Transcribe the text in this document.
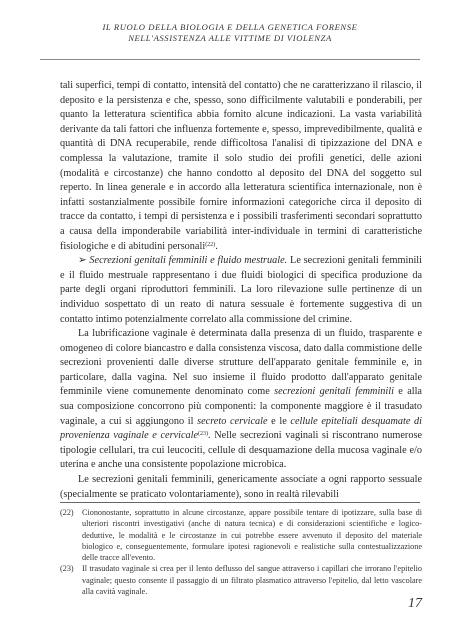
IL RUOLO DELLA BIOLOGIA E DELLA GENETICA FORENSE
NELL'ASSISTENZA ALLE VITTIME DI VIOLENZA

tali superfici, tempi di contatto, intensità del contatto) che ne caratterizzano il rilascio, il deposito e la persistenza e che, spesso, sono difficilmente valutabili e ponderabili, per quanto la letteratura scientifica abbia fornito alcune indicazioni. La vasta variabilità derivante da tali fattori che influenza fortemente e, spesso, imprevedibilmente, qualità e quantità di DNA recuperabile, rende difficoltosa l'analisi di tipizzazione del DNA e complessa la valutazione, tramite il solo studio dei profili genetici, delle azioni (modalità e circostanze) che hanno condotto al deposito del DNA del soggetto sul reperto. In linea generale e in accordo alla letteratura scientifica internazionale, non è infatti sostanzialmente possibile fornire informazioni categoriche circa il deposito di tracce da contatto, i tempi di persistenza e i possibili trasferimenti secondari soprattutto a causa della imponderabile variabilità inter-individuale in termini di caratteristiche fisiologiche e di abitudini personali$^{(22)}$.

➢ Secrezioni genitali femminili e fluido mestruale. Le secrezioni genitali femminili e il fluido mestruale rappresentano i due fluidi biologici di specifica produzione da parte degli organi riproduttori femminili. La loro rilevazione sulle pertinenze di un individuo sospettato di un reato di natura sessuale è fortemente suggestiva di un contatto intimo potenzialmente correlato alla commissione del crimine.

La lubrificazione vaginale è determinata dalla presenza di un fluido, trasparente e omogeneo di colore biancastro e dalla consistenza viscosa, dato dalla commistione delle secrezioni provenienti dalle diverse strutture dell'apparato genitale femminile e, in particolare, dalla vagina. Nel suo insieme il fluido prodotto dall'apparato genitale femminile viene comunemente denominato come secrezioni genitali femminili e alla sua composizione concorrono più componenti: la componente maggiore è il trasudato vaginale, a cui si aggiungono il secreto cervicale e le cellule epiteliali desquamate di provenienza vaginale e cervicale$^{(23)}$. Nelle secrezioni vaginali si riscontrano numerose tipologie cellulari, tra cui leucociti, cellule di desquamazione della mucosa vaginale e/o uterina e anche una consistente popolazione microbica.

Le secrezioni genitali femminili, genericamente associate a ogni rapporto sessuale (specialmente se praticato volontariamente), sono in realtà rilevabili

(22)	Ciononostante, soprattutto in alcune circostanze, appare possibile tentare di ipotizzare, sulla base di ulteriori riscontri investigativi (anche di natura tecnica) e di considerazioni scientifiche e logico-deduttive, le modalità e le circostanze in cui potrebbe essere avvenuto il deposito del materiale biologico e, conseguentemente, formulare ipotesi ragionevoli e realistiche sulla contestualizzazione delle tracce all'evento.
(23)	Il trasudato vaginale si crea per il lento deflusso del sangue attraverso i capillari che irrorano l'epitelio vaginale; questo consente il passaggio di un filtrato plasmatico attraverso l'epitelio, dal letto vascolare alla cavità vaginale.
17
